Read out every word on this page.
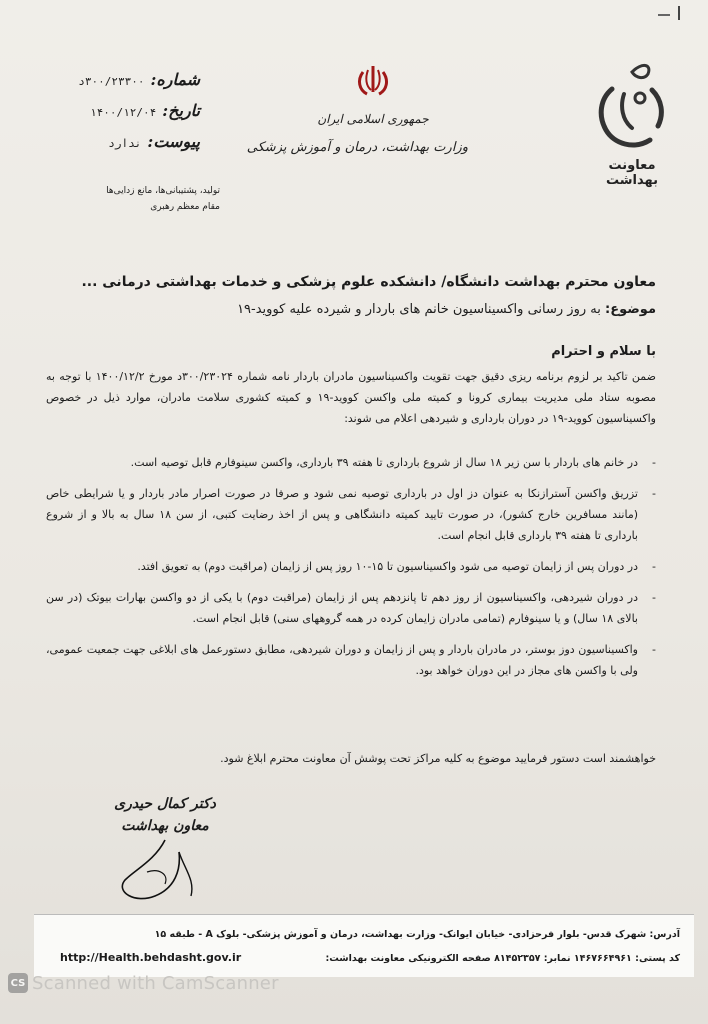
معاونت بهداشت
جمهوری اسلامی ایران
وزارت بهداشت، درمان و آموزش پزشکی
شماره:
۳۰۰/۲۳۳۰۰د
تاریخ:
۱۴۰۰/۱۲/۰۴
پیوست:
ندارد
تولید، پشتیبانی‌ها، مانع زدایی‌ها
مقام معظم رهبری
معاون محترم بهداشت دانشگاه/ دانشکده علوم پزشکی و خدمات بهداشتی درمانی ...
موضوع: به روز رسانی واکسیناسیون خانم های باردار و شیرده علیه کووید-۱۹
با سلام و احترام
ضمن تاکید بر لزوم برنامه ریزی دقیق جهت تقویت واکسیناسیون مادران باردار نامه شماره ۳۰۰/۲۳۰۲۴د مورخ ۱۴۰۰/۱۲/۲ با توجه به مصوبه ستاد ملی مدیریت بیماری کرونا و کمیته ملی واکسن کووید-۱۹ و کمیته کشوری سلامت مادران، موارد ذیل در خصوص واکسیناسیون کووید-۱۹ در دوران بارداری و شیردهی اعلام می شوند:
-
در خانم های باردار با سن زیر ۱۸ سال از شروع بارداری تا هفته ۳۹ بارداری، واکسن سینوفارم قابل توصیه است.
-
تزریق واکسن آسترازنکا به عنوان دز اول در بارداری توصیه نمی شود و صرفا در صورت اصرار مادر باردار و یا شرایطی خاص (مانند مسافرین خارج کشور)، در صورت تایید کمیته دانشگاهی و پس از اخذ رضایت کتبی، از سن ۱۸ سال به بالا و از شروع بارداری تا هفته ۳۹ بارداری قابل انجام است.
-
در دوران پس از زایمان توصیه می شود واکسیناسیون تا ۱۵-۱۰ روز پس از زایمان (مراقبت دوم) به تعویق افتد.
-
در دوران شیردهی، واکسیناسیون از روز دهم تا پانزدهم پس از زایمان (مراقبت دوم) با یکی از دو واکسن بهارات بیوتک (در سن بالای ۱۸ سال) و یا سینوفارم (تمامی مادران زایمان کرده در همه گروههای سنی) قابل انجام است.
-
واکسیناسیون دوز بوستر، در مادران باردار و پس از زایمان و دوران شیردهی، مطابق دستورعمل های ابلاغی جهت جمعیت عمومی، ولی با واکسن های مجاز در این دوران خواهد بود.
خواهشمند است دستور فرمایید موضوع به کلیه مراکز تحت پوشش آن معاونت محترم ابلاغ شود.
دکتر کمال حیدری
معاون بهداشت
آدرس: شهرک قدس- بلوار فرحزادی- خیابان ایوانک- وزارت بهداشت، درمان و آموزش پزشکی- بلوک A - طبقه ۱۵
کد پستی: ۱۴۶۷۶۶۴۹۶۱ نمابر: ۸۱۴۵۲۳۵۷ صفحه الکترونیکی معاونت بهداشت:
http://Health.behdasht.gov.ir
CS Scanned with CamScanner
